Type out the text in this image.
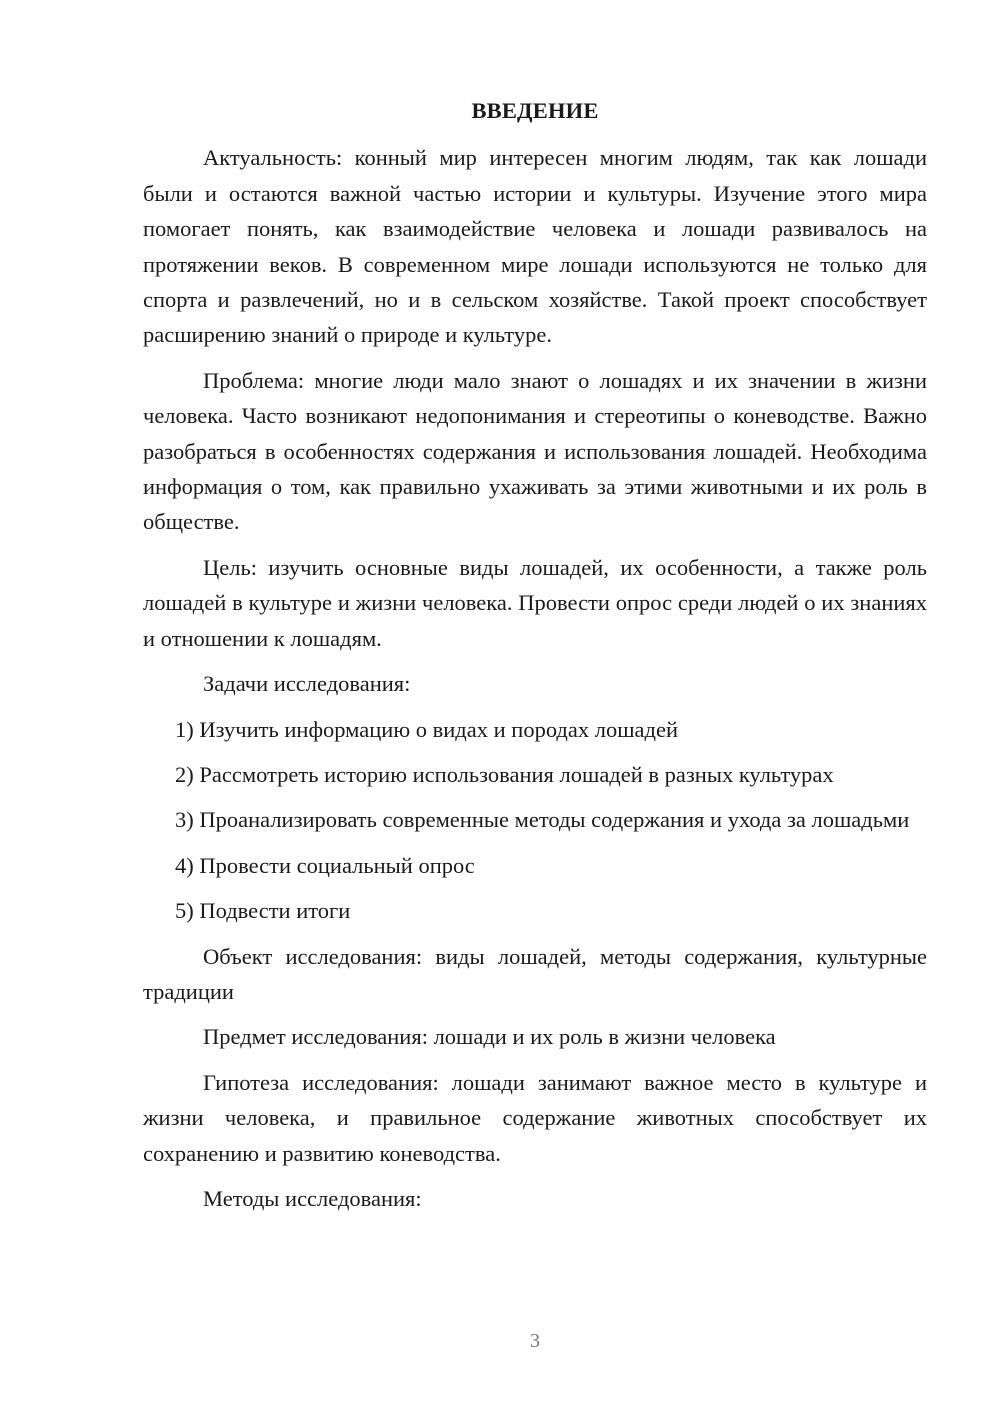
ВВЕДЕНИЕ

Актуальность: конный мир интересен многим людям, так как лошади были и остаются важной частью истории и культуры. Изучение этого мира помогает понять, как взаимодействие человека и лошади развивалось на протяжении веков. В современном мире лошади используются не только для спорта и развлечений, но и в сельском хозяйстве. Такой проект способствует расширению знаний о природе и культуре.

Проблема: многие люди мало знают о лошадях и их значении в жизни человека. Часто возникают недопонимания и стереотипы о коневодстве. Важно разобраться в особенностях содержания и использования лошадей. Необходима информация о том, как правильно ухаживать за этими животными и их роль в обществе.

Цель: изучить основные виды лошадей, их особенности, а также роль лошадей в культуре и жизни человека. Провести опрос среди людей о их знаниях и отношении к лошадям.

Задачи исследования:

1) Изучить информацию о видах и породах лошадей

2) Рассмотреть историю использования лошадей в разных культурах

3) Проанализировать современные методы содержания и ухода за лошадьми

4) Провести социальный опрос

5) Подвести итоги

Объект исследования: виды лошадей, методы содержания, культурные традиции

Предмет исследования: лошади и их роль в жизни человека

Гипотеза исследования: лошади занимают важное место в культуре и жизни человека, и правильное содержание животных способствует их сохранению и развитию коневодства.

Методы исследования:

3
